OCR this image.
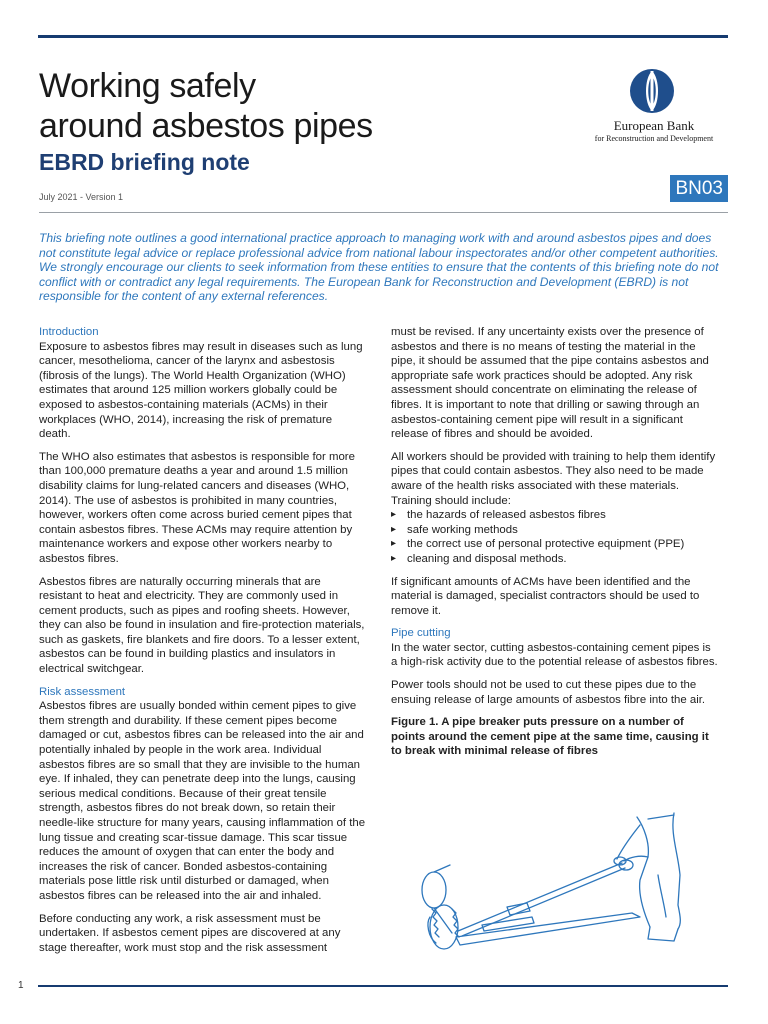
Working safely
around asbestos pipes
EBRD briefing note
July 2021 - Version 1
European Bank
for Reconstruction and Development
BN03

This briefing note outlines a good international practice approach to managing work with and around asbestos pipes and does not constitute legal advice or replace professional advice from national labour inspectorates and/or other competent authorities. We strongly encourage our clients to seek information from these entities to ensure that the contents of this briefing note do not conflict with or contradict any legal requirements. The European Bank for Reconstruction and Development (EBRD) is not responsible for the content of any external references.

Introduction

Exposure to asbestos fibres may result in diseases such as lung cancer, mesothelioma, cancer of the larynx and asbestosis (fibrosis of the lungs). The World Health Organization (WHO) estimates that around 125 million workers globally could be exposed to asbestos-containing materials (ACMs) in their workplaces (WHO, 2014), increasing the risk of premature death.

The WHO also estimates that asbestos is responsible for more than 100,000 premature deaths a year and around 1.5 million disability claims for lung-related cancers and diseases (WHO, 2014). The use of asbestos is prohibited in many countries, however, workers often come across buried cement pipes that contain asbestos fibres. These ACMs may require attention by maintenance workers and expose other workers nearby to asbestos fibres.

Asbestos fibres are naturally occurring minerals that are resistant to heat and electricity. They are commonly used in cement products, such as pipes and roofing sheets. However, they can also be found in insulation and fire-protection materials, such as gaskets, fire blankets and fire doors. To a lesser extent, asbestos can be found in building plastics and insulators in electrical switchgear.

Risk assessment

Asbestos fibres are usually bonded within cement pipes to give them strength and durability. If these cement pipes become damaged or cut, asbestos fibres can be released into the air and potentially inhaled by people in the work area. Individual asbestos fibres are so small that they are invisible to the human eye. If inhaled, they can penetrate deep into the lungs, causing serious medical conditions. Because of their great tensile strength, asbestos fibres do not break down, so retain their needle-like structure for many years, causing inflammation of the lung tissue and creating scar-tissue damage. This scar tissue reduces the amount of oxygen that can enter the body and increases the risk of cancer. Bonded asbestos-containing materials pose little risk until disturbed or damaged, when asbestos fibres can be released into the air and inhaled.

Before conducting any work, a risk assessment must be undertaken. If asbestos cement pipes are discovered at any stage thereafter, work must stop and the risk assessment

must be revised. If any uncertainty exists over the presence of asbestos and there is no means of testing the material in the pipe, it should be assumed that the pipe contains asbestos and appropriate safe work practices should be adopted. Any risk assessment should concentrate on eliminating the release of fibres. It is important to note that drilling or sawing through an asbestos-containing cement pipe will result in a significant release of fibres and should be avoided.

All workers should be provided with training to help them identify pipes that could contain asbestos. They also need to be made aware of the health risks associated with these materials. Training should include:

▸ the hazards of released asbestos fibres
▸ safe working methods
▸ the correct use of personal protective equipment (PPE)
▸ cleaning and disposal methods.

If significant amounts of ACMs have been identified and the material is damaged, specialist contractors should be used to remove it.

Pipe cutting

In the water sector, cutting asbestos-containing cement pipes is a high-risk activity due to the potential release of asbestos fibres.

Power tools should not be used to cut these pipes due to the ensuing release of large amounts of asbestos fibre into the air.

Figure 1. A pipe breaker puts pressure on a number of points around the cement pipe at the same time, causing it to break with minimal release of fibres

1
